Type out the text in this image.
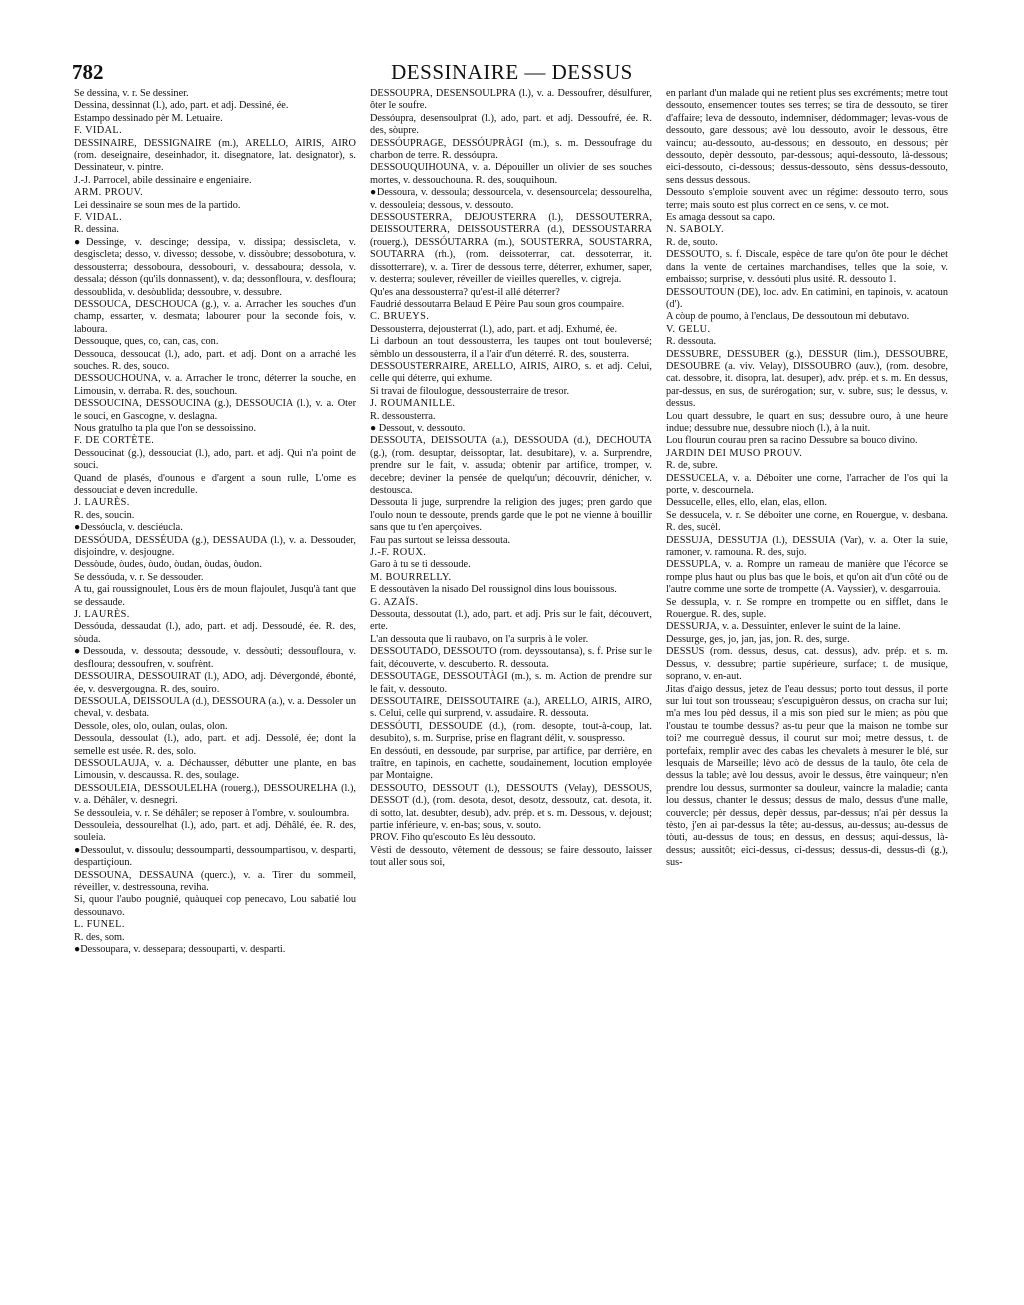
782	DESSINAIRE — DESSUS

Se dessina, v. r. Se dessiner.

Dessina, dessinnat (l.), ado, part. et adj. Dessiné, ée.

Estampo dessinado pèr M. Letuaire.

F. VIDAL.

DESSINAIRE, DESSIGNAIRE (m.), ARELLO, AIRIS, AIRO (rom. deseignaire, deseinhador, it. disegnatore, lat. designator), s. Dessinateur, v. pintre.

J.-J. Parrocel, abile dessinaire e engeniaire.

ARM. PROUV.

Lei dessinaire se soun mes de la partido.

F. VIDAL.

R. dessina.

●Dessinge, v. descinge; dessipa, v. dissipa; dessiscleta, v. desgiscleta; desso, v. divesso; dessobe, v. dissòubre; dessobotura, v. dessousterra; dessoboura, dessobouri, v. dessaboura; dessola, v. dessala; désson (qu'ils donnassent), v. da; dessonfloura, v. desfloura; dessoublida, v. desòublida; dessoubre, v. dessubre.

DESSOUCA, DESCHOUCA (g.), v. a. Arracher les souches d'un champ, essarter, v. desmata; labourer pour la seconde fois, v. laboura.

Dessouque, ques, co, can, cas, con.

Dessouca, dessoucat (l.), ado, part. et adj. Dont on a arraché les souches. R. des, souco.

DESSOUCHOUNA, v. a. Arracher le tronc, déterrer la souche, en Limousin, v. derraba. R. des, souchoun.

DESSOUCINA, DESSOUCINA (g.), DESSOUCIA (l.), v. a. Oter le souci, en Gascogne, v. deslagna.

Nous gratulho ta pla que l'on se dessoissino.

F. DE CORTÈTE.

Dessoucinat (g.), dessouciat (l.), ado, part. et adj. Qui n'a point de souci.

Quand de plasés, d'ounous e d'argent a soun rulle, L'ome es dessouciat e deven incredulle.

J. LAURÈS.

R. des, soucin.

●Dessóucla, v. desciéucla.

DESSÓUDA, DESSÉUDA (g.), DESSAUDA (l.), v. a. Dessouder, disjoindre, v. desjougne.

Dessòude, òudes, òudo, òudan, òudas, òudon.

Se dessóuda, v. r. Se dessouder.

A tu, gai roussignoulet, Lous èrs de moun flajoulet, Jusqu'à tant que se dessaude.

J. LAURÈS.

Dessóuda, dessaudat (l.), ado, part. et adj. Dessoudé, ée. R. des, sòuda.

●Dessouda, v. dessouta; dessoude, v. dessòuti; dessoufloura, v. desfloura; dessoufren, v. soufrènt.

DESSOUIRA, DESSOUIRAT (l.), ADO, adj. Dévergondé, ébonté, ée, v. desvergougna. R. des, souiro.

DESSOULA, DEISSOULA (d.), DESSOURA (a.), v. a. Dessoler un cheval, v. desbata.

Dessole, oles, olo, oulan, oulas, olon.

Dessoula, dessoulat (l.), ado, part. et adj. Dessolé, ée; dont la semelle est usée. R. des, solo.

DESSOULAUJA, v. a. Déchausser, débutter une plante, en bas Limousin, v. descaussa. R. des, soulage.

DESSOULEIA, DESSOULELHA (rouerg.), DESSOURELHA (l.), v. a. Déhâler, v. desnegri.

Se dessouleia, v. r. Se déhâler; se reposer à l'ombre, v. souloumbra.

Dessouleia, dessourelhat (l.), ado, part. et adj. Déhâlé, ée. R. des, souleia.

●Dessoulut, v. dissoulu; dessoumparti, dessoumpartisou, v. desparti, despartiçioun.

DESSOUNA, DESSAUNA (querc.), v. a. Tirer du sommeil, réveiller, v. destressouna, reviha.

Si, quour l'aubo pougnié, quàuquei cop penecavo, Lou sabatié lou dessounavo.

L. FUNEL.

R. des, som.

●Dessoupara, v. dessepara; dessouparti, v. desparti.

DESSÓUPRA, DESENSOULPRA (l.), v. a. Dessoufrer, désulfurer, ôter le soufre.

Dessóupra, desensoulprat (l.), ado, part. et adj. Dessoufré, ée. R. des, sòupre.

DESSÓUPRAGE, DESSÓUPRÀGI (m.), s. m. Dessoufrage du charbon de terre. R. dessóupra.

DESSOUQUIHOUNA, v. a. Dépouiller un olivier de ses souches mortes, v. dessouchouna. R. des, souquihoun.

●Dessoura, v. dessoula; dessourcela, v. desensourcela; dessourelha, v. dessouleia; dessous, v. dessouto.

DESSOUSTERRA, DEJOUSTERRA (l.), DESSOUTERRA, DEISSOUTERRA, DEISSOUSTERRA (d.), DESSOUSTARRA (rouerg.), DESSÓUTARRA (m.), SOUSTERRA, SOUSTARRA, SOUTARRA (rh.), (rom. deissoterrar, cat. dessoterrar, it. dissotterrare), v. a. Tirer de dessous terre, déterrer, exhumer, saper, v. desterra; soulever, réveiller de vieilles querelles, v. cigreja.

Qu'es ana dessousterra? qu'est-il allé déterrer?

Faudrié dessoutarra Belaud E Pèire Pau soun gros coumpaire.

C. BRUEYS.

Dessousterra, dejousterrat (l.), ado, part. et adj. Exhumé, ée.

Li darboun an tout dessousterra, les taupes ont tout bouleversé; sèmblo un dessousterra, il a l'air d'un déterré. R. des, sousterra.

DESSOUSTERRAIRE, ARELLO, AIRIS, AIRO, s. et adj. Celui, celle qui déterre, qui exhume.

Si travai de filoulogue, dessousterraire de tresor.

J. ROUMANILLE.

R. dessousterra.

● Dessout, v. dessouto.

DESSOUTA, DEISSOUTA (a.), DESSOUDA (d.), DECHOUTA (g.), (rom. desuptar, deissoptar, lat. desubitare), v. a. Surprendre, prendre sur le fait, v. assuda; obtenir par artifice, tromper, v. decebre; deviner la pensée de quelqu'un; découvrir, dénicher, v. destousca.

Dessouta li juge, surprendre la religion des juges; pren gardo que l'oulo noun te dessoute, prends garde que le pot ne vienne à bouillir sans que tu t'en aperçoives.

Fau pas surtout se leissa dessouta.

J.-F. ROUX.

Garo à tu se ti dessoude.

M. BOURRELLY.

E dessoutàven la nisado Del roussignol dins lous bouissous.

G. AZAÏS.

Dessouta, dessoutat (l.), ado, part. et adj. Pris sur le fait, découvert, erte.

L'an dessouta que li raubavo, on l'a surpris à le voler.

DESSOUTADO, DESSOUTO (rom. deyssoutansa), s. f. Prise sur le fait, découverte, v. descuberto. R. dessouta.

DESSOUTAGE, DESSOUTÀGI (m.), s. m. Action de prendre sur le fait, v. dessouto.

DESSOUTAIRE, DEISSOUTAIRE (a.), ARELLO, AIRIS, AIRO, s. Celui, celle qui surprend, v. assudaire. R. dessouta.

DESSÓUTI, DESSOUDE (d.), (rom. desopte, tout-à-coup, lat. desubito), s. m. Surprise, prise en flagrant délit, v. souspresso.

En dessóuti, en dessoude, par surprise, par artifice, par derrière, en traître, en tapinois, en cachette, soudainement, locution employée par Montaigne.

DESSOUTO, DESSOUT (l.), DESSOUTS (Velay), DESSOUS, DESSOT (d.), (rom. desota, desot, desotz, dessoutz, cat. desota, it. di sotto, lat. desubter, desub), adv. prép. et s. m. Dessous, v. dejoust; partie inférieure, v. en-bas; sous, v. souto.

PROV. Fiho qu'escouto Es lèu dessouto.

Vèsti de dessouto, vêtement de dessous; se faire dessouto, laisser tout aller sous soi,

en parlant d'un malade qui ne retient plus ses excréments; metre tout dessouto, ensemencer toutes ses terres; se tira de dessouto, se tirer d'affaire; leva de dessouto, indemniser, dédommager; levas-vous de dessouto, gare dessous; avè lou dessouto, avoir le dessous, être vaincu; au-dessouto, au-dessous; en dessouto, en dessous; pèr dessouto, depèr dessouto, par-dessous; aqui-dessouto, là-dessous; eici-dessouto, ci-dessous; dessus-dessouto, sèns dessus-dessouto, sens dessus dessous.

Dessouto s'emploie souvent avec un régime: dessouto terro, sous terre; mais souto est plus correct en ce sens, v. ce mot.

Es amaga dessout sa capo.

N. SABOLY.

R. de, souto.

DESSOUTO, s. f. Discale, espèce de tare qu'on ôte pour le déchet dans la vente de certaines marchandises, telles que la soie, v. embaisso; surprise, v. dessóuti plus usité. R. dessouto 1.

DESSOUTOUN (DE), loc. adv. En catimini, en tapinois, v. acatoun (d').

A còup de poumo, à l'enclaus, De dessoutoun mi debutavo.

V. GELU.

R. dessouta.

DESSUBRE, DESSUBER (g.), DESSUR (lim.), DESSOUBRE, DESOUBRE (a. viv. Velay), DISSOUBRO (auv.), (rom. desobre, cat. dessobre, it. disopra, lat. desuper), adv. prép. et s. m. En dessus, par-dessus, en sus, de surérogation; sur, v. subre, sus; le dessus, v. dessus.

Lou quart dessubre, le quart en sus; dessubre ouro, à une heure indue; dessubre nue, dessubre nioch (l.), à la nuit.

Lou flourun courau pren sa racino Dessubre sa bouco divino.

JARDIN DEI MUSO PROUV.

R. de, subre.

DESSUCELA, v. a. Déboiter une corne, l'arracher de l'os qui la porte, v. descournela.

Dessucelle, elles, ello, elan, elas, ellon.

Se dessucela, v. r. Se déboiter une corne, en Rouergue, v. desbana. R. des, sucèl.

DESSUJA, DESSUTJA (l.), DESSUIA (Var), v. a. Oter la suie, ramoner, v. ramouna. R. des, sujo.

DESSUPLA, v. a. Rompre un rameau de manière que l'écorce se rompe plus haut ou plus bas que le bois, et qu'on ait d'un côté ou de l'autre comme une sorte de trompette (A. Vayssier), v. desgarrouia.

Se dessupla, v. r. Se rompre en trompette ou en sifflet, dans le Rouergue. R. des, suple.

DESSURJA, v. a. Dessuinter, enlever le suint de la laine.

Dessurge, ges, jo, jan, jas, jon. R. des, surge.

DESSUS (rom. dessus, desus, cat. dessus), adv. prép. et s. m. Dessus, v. dessubre; partie supérieure, surface; t. de musique, soprano, v. en-aut.

Jitas d'aigo dessus, jetez de l'eau dessus; porto tout dessus, il porte sur lui tout son trousseau; s'escupiguèron dessus, on cracha sur lui; m'a mes lou pèd dessus, il a mis son pied sur le mien; as pòu que l'oustau te toumbe dessus? as-tu peur que la maison ne tombe sur toi? me courreguè dessus, il courut sur moi; metre dessus, t. de portefaix, remplir avec des cabas les chevalets à mesurer le blé, sur lesquais de Marseille; lèvo acò de dessus de la taulo, ôte cela de dessus la table; avè lou dessus, avoir le dessus, être vainqueur; n'en prendre lou dessus, surmonter sa douleur, vaincre la maladie; canta lou dessus, chanter le dessus; dessus de malo, dessus d'une malle, couvercle; pèr dessus, depèr dessus, par-dessus; n'ai pèr dessus la tèsto, j'en ai par-dessus la tête; au-dessus, au-dessus; au-dessus de tòuti, au-dessus de tous; en dessus, en dessus; aqui-dessus, là-dessus; aussitôt; eici-dessus, ci-dessus; dessus-di, dessus-di (g.), sus-
